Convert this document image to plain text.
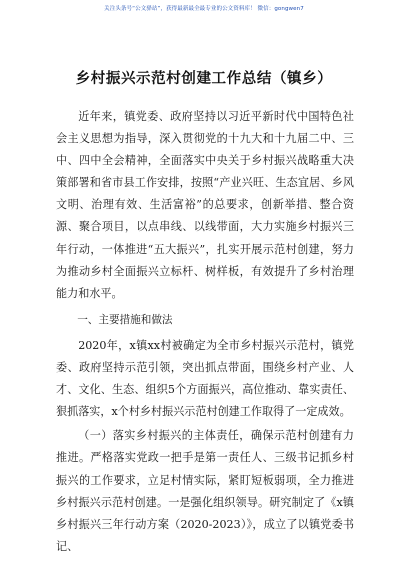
关注头条号“公文驿站”，获得最新最全最专业的公文资料库！ 微信：gongwen7
乡村振兴示范村创建工作总结（镇乡）

近年来，镇党委、政府坚持以习近平新时代中国特色社会主义思想为指导，深入贯彻党的十九大和十九届二中、三中、四中全会精神，全面落实中央关于乡村振兴战略重大决策部署和省市县工作安排，按照“产业兴旺、生态宜居、乡风文明、治理有效、生活富裕”的总要求，创新举措、整合资源、聚合项目，以点串线、以线带面，大力实施乡村振兴三年行动，一体推进“五大振兴”，扎实开展示范村创建，努力为推动乡村全面振兴立标杆、树样板，有效提升了乡村治理能力和水平。

一、主要措施和做法

2020年，x镇xx村被确定为全市乡村振兴示范村，镇党委、政府坚持示范引领，突出抓点带面，围绕乡村产业、人才、文化、生态、组织5个方面振兴，高位推动、靠实责任、狠抓落实，x个村乡村振兴示范村创建工作取得了一定成效。

（一）落实乡村振兴的主体责任，确保示范村创建有力推进。严格落实党政一把手是第一责任人、三级书记抓乡村振兴的工作要求，立足村情实际，紧盯短板弱项，全力推进乡村振兴示范村创建。一是强化组织领导。研究制定了《x镇乡村振兴三年行动方案（2020-2023）》，成立了以镇党委书记、
